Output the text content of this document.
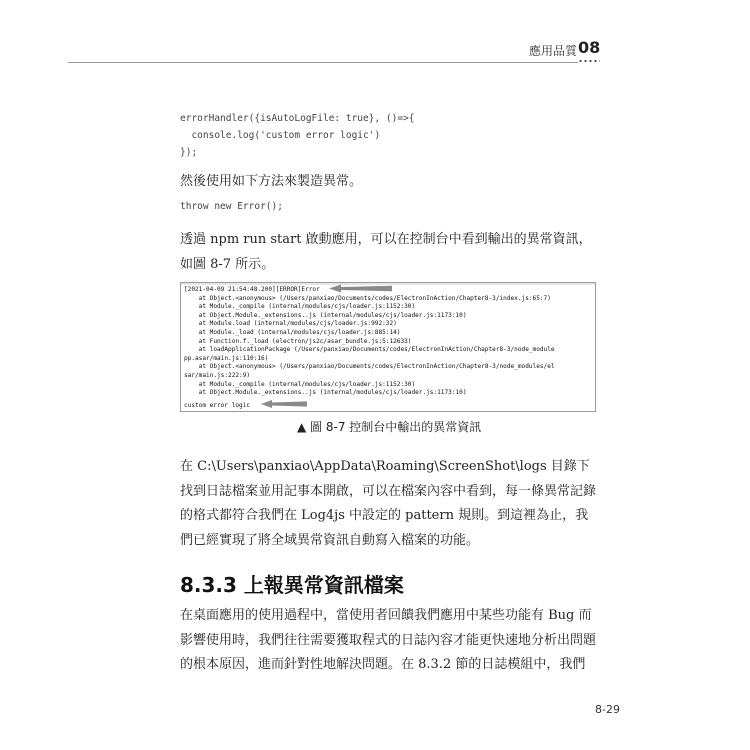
應用品質 08
errorHandler({isAutoLogFile: true}, ()=>{
console.log('custom error logic')
});
然後使用如下方法來製造異常。
throw new Error();
透過 npm run start 啟動應用，可以在控制台中看到輸出的異常資訊，如圖 8-7 所示。
[2021-04-09 21:54:48.200][ERROR]Error
at Object.<anonymous> (/Users/panxiao/Documents/codes/ElectronInAction/Chapter8-3/index.js:65:7)
at Module._compile (internal/modules/cjs/loader.js:1152:30)
at Object.Module._extensions..js (internal/modules/cjs/loader.js:1173:10)
at Module.load (internal/modules/cjs/loader.js:992:32)
at Module._load (internal/modules/cjs/loader.js:885:14)
at Function.f._load (electron/js2c/asar_bundle.js:5:12633)
at loadApplicationPackage (/Users/panxiao/Documents/codes/ElectronInAction/Chapter8-3/node_module
pp.asar/main.js:110:16)
at Object.<anonymous> (/Users/panxiao/Documents/codes/ElectronInAction/Chapter8-3/node_modules/el
sar/main.js:222:9)
at Module._compile (internal/modules/cjs/loader.js:1152:30)
at Object.Module._extensions..js (internal/modules/cjs/loader.js:1173:10)
custom error logic
▲ 圖 8-7 控制台中輸出的異常資訊
在 C:\Users\panxiao\AppData\Roaming\ScreenShot\logs 目錄下找到日誌檔案並用記事本開啟，可以在檔案內容中看到，每一條異常記錄的格式都符合我們在 Log4js 中設定的 pattern 規則。到這裡為止，我們已經實現了將全域異常資訊自動寫入檔案的功能。
8.3.3 上報異常資訊檔案
在桌面應用的使用過程中，當使用者回饋我們應用中某些功能有 Bug 而影響使用時，我們往往需要獲取程式的日誌內容才能更快速地分析出問題的根本原因，進而針對性地解決問題。在 8.3.2 節的日誌模組中，我們
8-29
